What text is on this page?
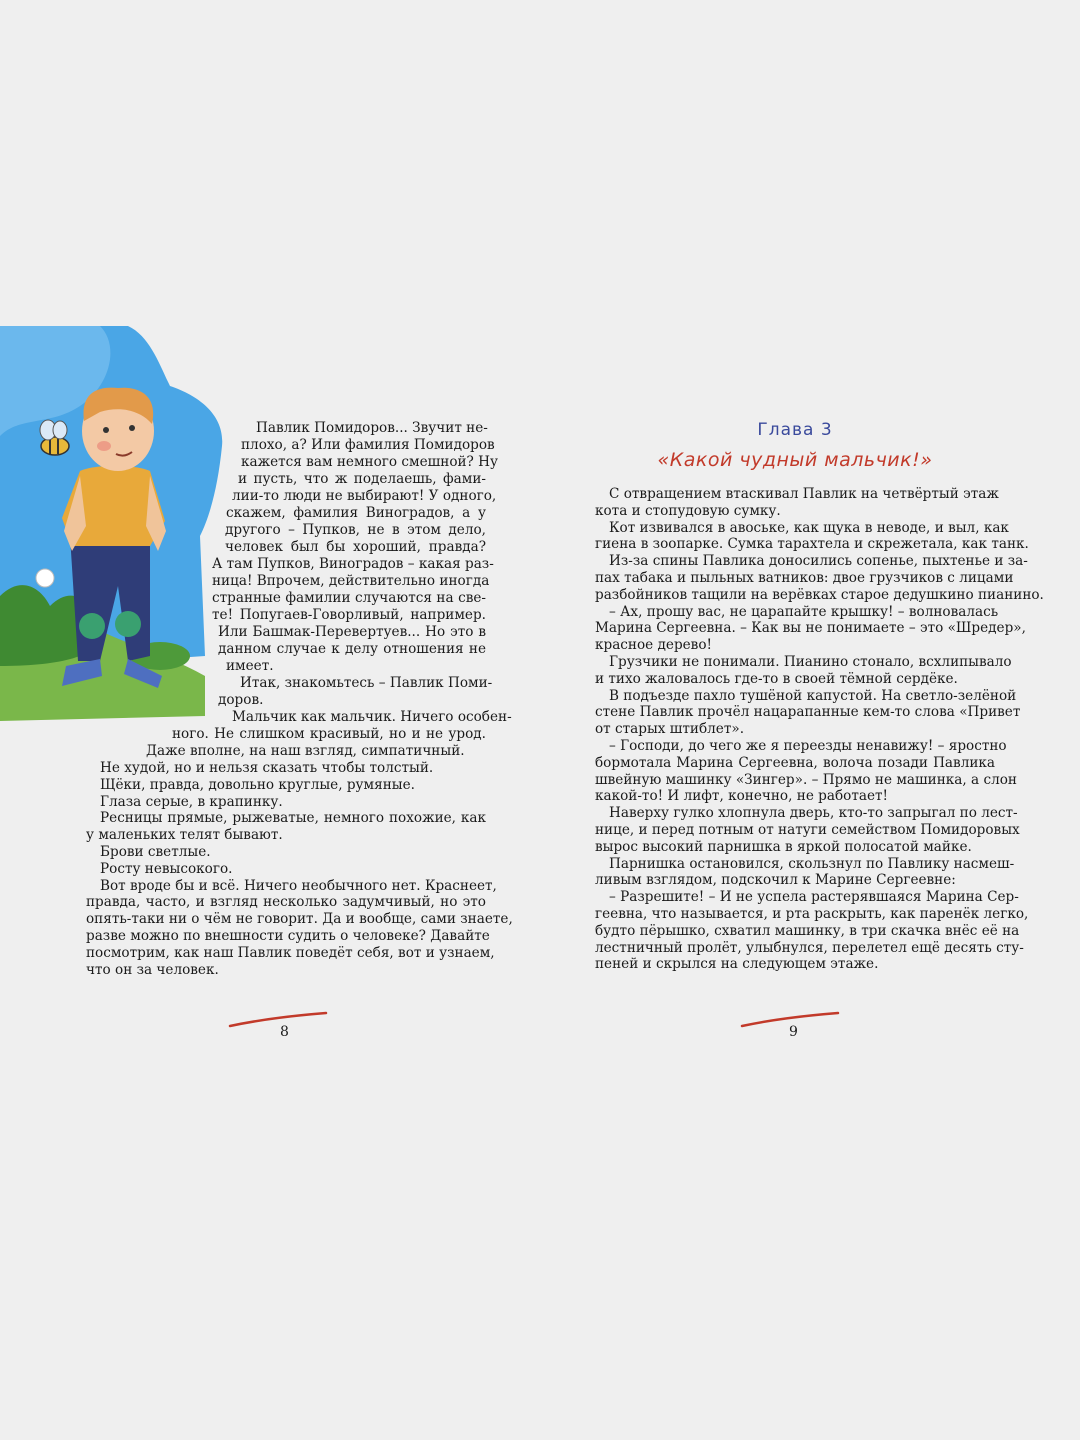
Павлик Помидоров... Звучит не-

плохо, а? Или фамилия Помидоров

кажется вам немного смешной? Ну

и пусть, что ж поделаешь, фами-

лии-то люди не выбирают! У одного,

скажем, фамилия Виноградов, а у

другого – Пупков, не в этом дело,

человек был бы хороший, правда?

А там Пупков, Виноградов – какая раз-

ница! Впрочем, действительно иногда

странные фамилии случаются на све-

те! Попугаев-Говорливый, например.

Или Башмак-Перевертуев... Но это в

данном случае к делу отношения не

имеет.

Итак, знакомьтесь – Павлик Поми-

доров.

Мальчик как мальчик. Ничего особен-

ного. Не слишком красивый, но и не урод.

Даже вполне, на наш взгляд, симпатичный.

Не худой, но и нельзя сказать чтобы толстый.

Щёки, правда, довольно круглые, румяные.

Глаза серые, в крапинку.

Ресницы прямые, рыжеватые, немного похожие, как

у маленьких телят бывают.

Брови светлые.

Росту невысокого.

Вот вроде бы и всё. Ничего необычного нет. Краснеет,

правда, часто, и взгляд несколько задумчивый, но это

опять-таки ни о чём не говорит. Да и вообще, сами знаете,

разве можно по внешности судить о человеке? Давайте

посмотрим, как наш Павлик поведёт себя, вот и узнаем,

что он за человек.

8
Глава 3
«Какой чудный мальчик!»

С отвращением втаскивал Павлик на четвёртый этаж

кота и стопудовую сумку.

Кот извивался в авоське, как щука в неводе, и выл, как

гиена в зоопарке. Сумка тарахтела и скрежетала, как танк.

Из-за спины Павлика доносились сопенье, пыхтенье и за-

пах табака и пыльных ватников: двое грузчиков с лицами

разбойников тащили на верёвках старое дедушкино пианино.

– Ах, прошу вас, не царапайте крышку! – волновалась

Марина Сергеевна. – Как вы не понимаете – это «Шредер»,

красное дерево!

Грузчики не понимали. Пианино стонало, всхлипывало

и тихо жаловалось где-то в своей тёмной сердёке.

В подъезде пахло тушёной капустой. На светло-зелёной

стене Павлик прочёл нацарапанные кем-то слова «Привет

от старых штиблет».

– Господи, до чего же я переезды ненавижу! – яростно

бормотала Марина Сергеевна, волоча позади Павлика

швейную машинку «Зингер». – Прямо не машинка, а слон

какой-то! И лифт, конечно, не работает!

Наверху гулко хлопнула дверь, кто-то запрыгал по лест-

нице, и перед потным от натуги семейством Помидоровых

вырос высокий парнишка в яркой полосатой майке.

Парнишка остановился, скользнул по Павлику насмеш-

ливым взглядом, подскочил к Марине Сергеевне:

– Разрешите! – И не успела растерявшаяся Марина Сер-

геевна, что называется, и рта раскрыть, как паренёк легко,

будто пёрышко, схватил машинку, в три скачка внёс её на

лестничный пролёт, улыбнулся, перелетел ещё десять сту-

пеней и скрылся на следующем этаже.

9
